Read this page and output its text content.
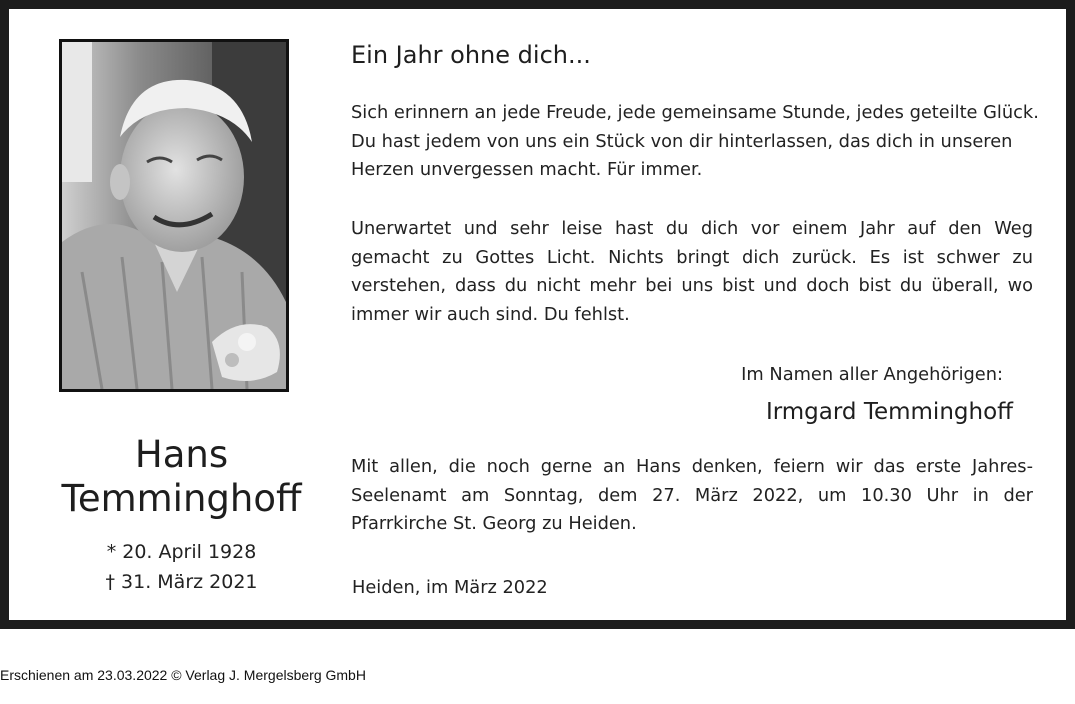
Hans
Temminghoff
* 20. April 1928
† 31. März 2021
Ein Jahr ohne dich...

Sich erinnern an jede Freude, jede gemeinsame Stunde, jedes geteilte Glück. Du hast jedem von uns ein Stück von dir hinterlassen, das dich in unseren Herzen unvergessen macht. Für immer.

Unerwartet und sehr leise hast du dich vor einem Jahr auf den Weg gemacht zu Gottes Licht. Nichts bringt dich zurück. Es ist schwer zu verstehen, dass du nicht mehr bei uns bist und doch bist du überall, wo immer wir auch sind. Du fehlst.

Im Namen aller Angehörigen:
Irmgard Temminghoff

Mit allen, die noch gerne an Hans denken, feiern wir das erste Jahres-Seelenamt am Sonntag, dem 27. März 2022, um 10.30 Uhr in der Pfarrkirche St. Georg zu Heiden.

Heiden, im März 2022
Erschienen am 23.03.2022 © Verlag J. Mergelsberg GmbH
